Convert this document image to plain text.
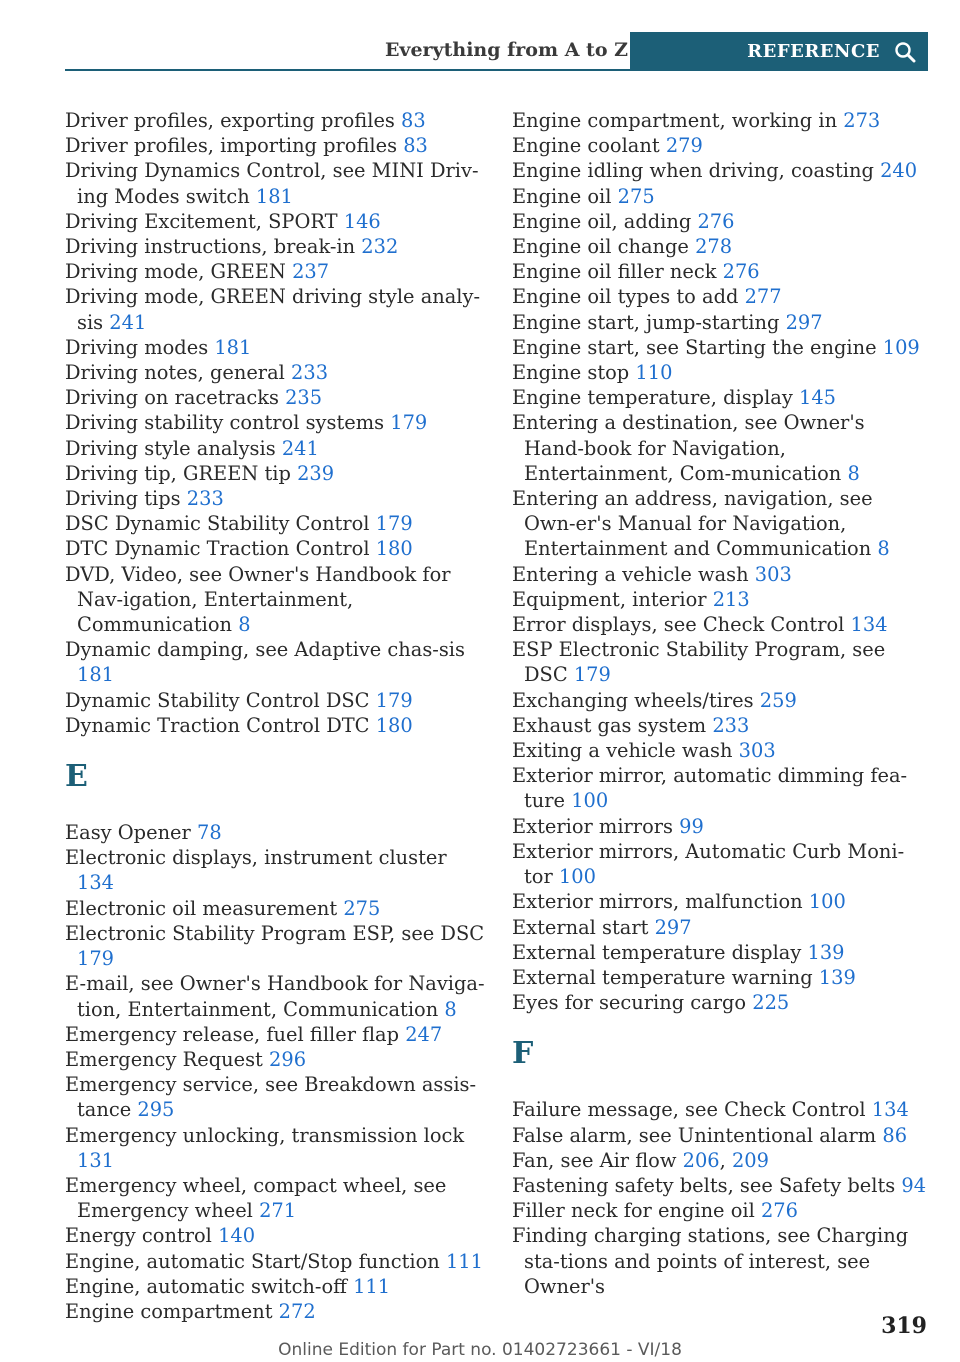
Everything from A to Z	REFERENCE
Driver profiles, exporting profiles 83
Driver profiles, importing profiles 83
Driving Dynamics Control, see MINI Driv-ing Modes switch 181
Driving Excitement, SPORT 146
Driving instructions, break-in 232
Driving mode, GREEN 237
Driving mode, GREEN driving style analy-sis 241
Driving modes 181
Driving notes, general 233
Driving on racetracks 235
Driving stability control systems 179
Driving style analysis 241
Driving tip, GREEN tip 239
Driving tips 233
DSC Dynamic Stability Control 179
DTC Dynamic Traction Control 180
DVD, Video, see Owner's Handbook for Nav-igation, Entertainment, Communication 8
Dynamic damping, see Adaptive chas-sis 181
Dynamic Stability Control DSC 179
Dynamic Traction Control DTC 180
E
Easy Opener 78
Electronic displays, instrument cluster 134
Electronic oil measurement 275
Electronic Stability Program ESP, see DSC 179
E-mail, see Owner's Handbook for Naviga-tion, Entertainment, Communication 8
Emergency release, fuel filler flap 247
Emergency Request 296
Emergency service, see Breakdown assis-tance 295
Emergency unlocking, transmission lock 131
Emergency wheel, compact wheel, see Emergency wheel 271
Energy control 140
Engine, automatic Start/Stop function 111
Engine, automatic switch-off 111
Engine compartment 272
Engine compartment, working in 273
Engine coolant 279
Engine idling when driving, coasting 240
Engine oil 275
Engine oil, adding 276
Engine oil change 278
Engine oil filler neck 276
Engine oil types to add 277
Engine start, jump-starting 297
Engine start, see Starting the engine 109
Engine stop 110
Engine temperature, display 145
Entering a destination, see Owner's Hand-book for Navigation, Entertainment, Com-munication 8
Entering an address, navigation, see Own-er's Manual for Navigation, Entertainment and Communication 8
Entering a vehicle wash 303
Equipment, interior 213
Error displays, see Check Control 134
ESP Electronic Stability Program, see DSC 179
Exchanging wheels/tires 259
Exhaust gas system 233
Exiting a vehicle wash 303
Exterior mirror, automatic dimming fea-ture 100
Exterior mirrors 99
Exterior mirrors, Automatic Curb Moni-tor 100
Exterior mirrors, malfunction 100
External start 297
External temperature display 139
External temperature warning 139
Eyes for securing cargo 225
F
Failure message, see Check Control 134
False alarm, see Unintentional alarm 86
Fan, see Air flow 206, 209
Fastening safety belts, see Safety belts 94
Filler neck for engine oil 276
Finding charging stations, see Charging sta-tions and points of interest, see Owner's
319
Online Edition for Part no. 01402723661 - VI/18
